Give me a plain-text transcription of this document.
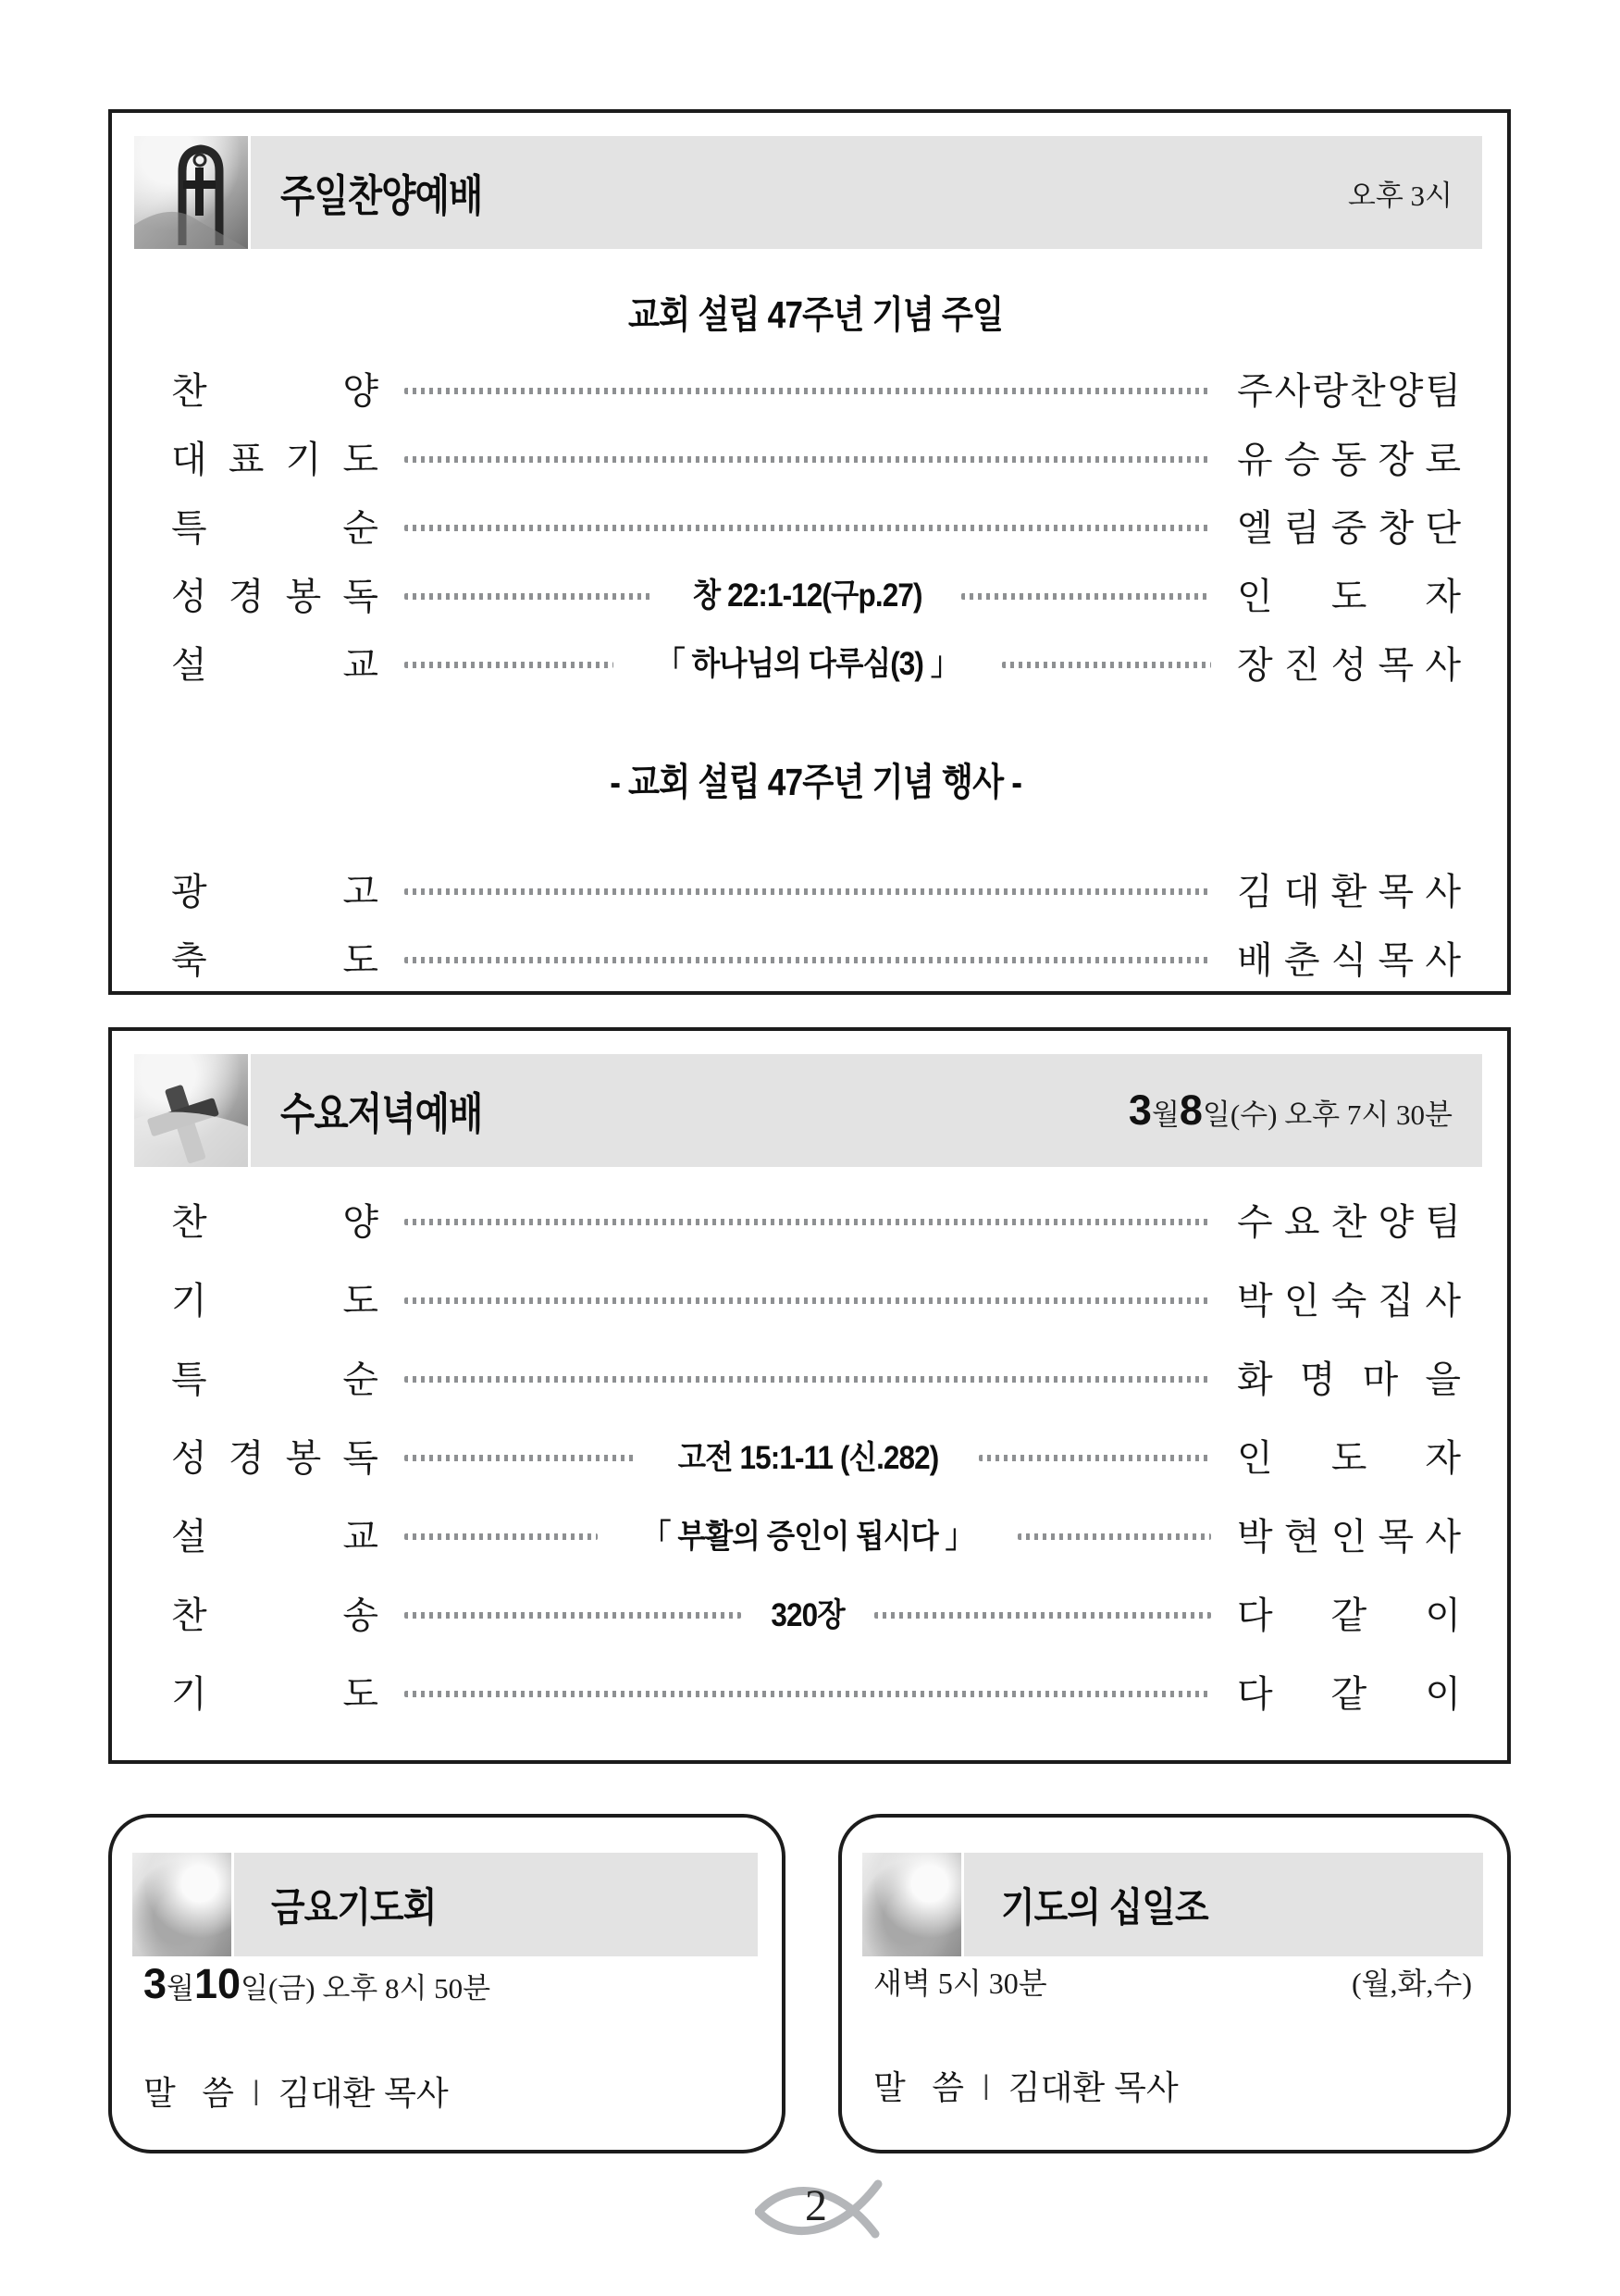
주일찬양예배	오후 3시
교회 설립 47주년 기념 주일
찬	양	주 사 랑 찬 양 팀
대 표 기 도	유 승 동 장 로
특	순	엘 림 중 창 단
성 경 봉 독	창 22:1-12(구p.27)	인 도 자
설	교	「 하나님의 다루심(3) 」	장 진 성 목 사
- 교회 설립 47주년 기념 행사 -
광	고	김 대 환 목 사
축	도	배 춘 식 목 사
수요저녁예배	3 월 8 일(수) 오후 7시 30분
찬	양	수 요 찬 양 팀
기	도	박 인 숙 집 사
특	순	화 명 마 을
성 경 봉 독	고전 15:1-11 (신.282)	인 도 자
설	교	「 부활의 증인이 됩시다 」	박 현 인 목 사
찬	송	320장	다 같 이
기	도	다 같 이
금요기도회
3 월 10 일(금) 오후 8시 50분
말 씀 | 김대환 목사
기도의 십일조
새벽 5시 30분	(월,화,수)
말 씀 | 김대환 목사
2
